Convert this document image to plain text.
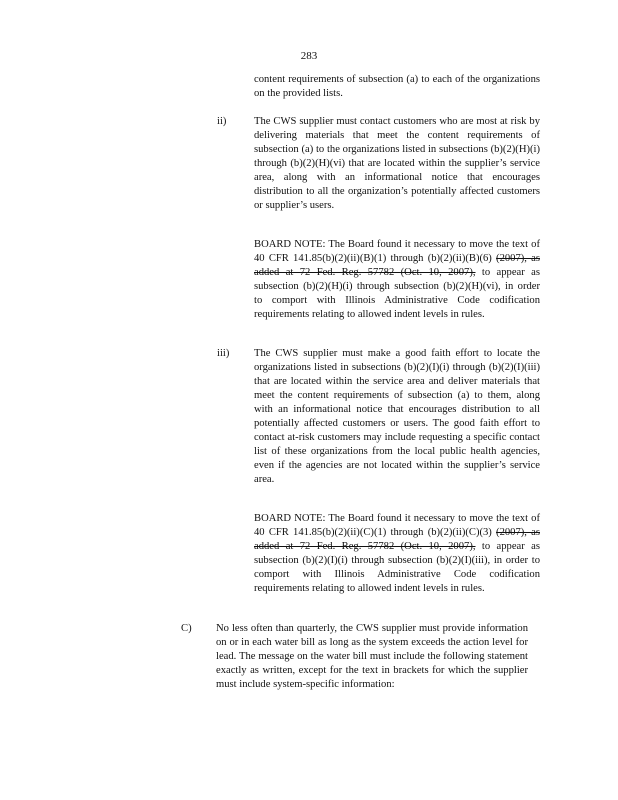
283
content requirements of subsection (a) to each of the organizations on the provided lists.
ii)	The CWS supplier must contact customers who are most at risk by delivering materials that meet the content requirements of subsection (a) to the organizations listed in subsections (b)(2)(H)(i) through (b)(2)(H)(vi) that are located within the supplier’s service area, along with an informational notice that encourages distribution to all the organization’s potentially affected customers or supplier’s users.
BOARD NOTE: The Board found it necessary to move the text of 40 CFR 141.85(b)(2)(ii)(B)(1) through (b)(2)(ii)(B)(6) (2007), as added at 72 Fed. Reg. 57782 (Oct. 10, 2007), to appear as subsection (b)(2)(H)(i) through subsection (b)(2)(H)(vi), in order to comport with Illinois Administrative Code codification requirements relating to allowed indent levels in rules.
iii) The CWS supplier must make a good faith effort to locate the organizations listed in subsections (b)(2)(I)(i) through (b)(2)(I)(iii) that are located within the service area and deliver materials that meet the content requirements of subsection (a) to them, along with an informational notice that encourages distribution to all potentially affected customers or users. The good faith effort to contact at-risk customers may include requesting a specific contact list of these organizations from the local public health agencies, even if the agencies are not located within the supplier’s service area.
BOARD NOTE: The Board found it necessary to move the text of 40 CFR 141.85(b)(2)(ii)(C)(1) through (b)(2)(ii)(C)(3) (2007), as added at 72 Fed. Reg. 57782 (Oct. 10, 2007), to appear as subsection (b)(2)(I)(i) through subsection (b)(2)(I)(iii), in order to comport with Illinois Administrative Code codification requirements relating to allowed indent levels in rules.
C) No less often than quarterly, the CWS supplier must provide information on or in each water bill as long as the system exceeds the action level for lead. The message on the water bill must include the following statement exactly as written, except for the text in brackets for which the supplier must include system-specific information:
